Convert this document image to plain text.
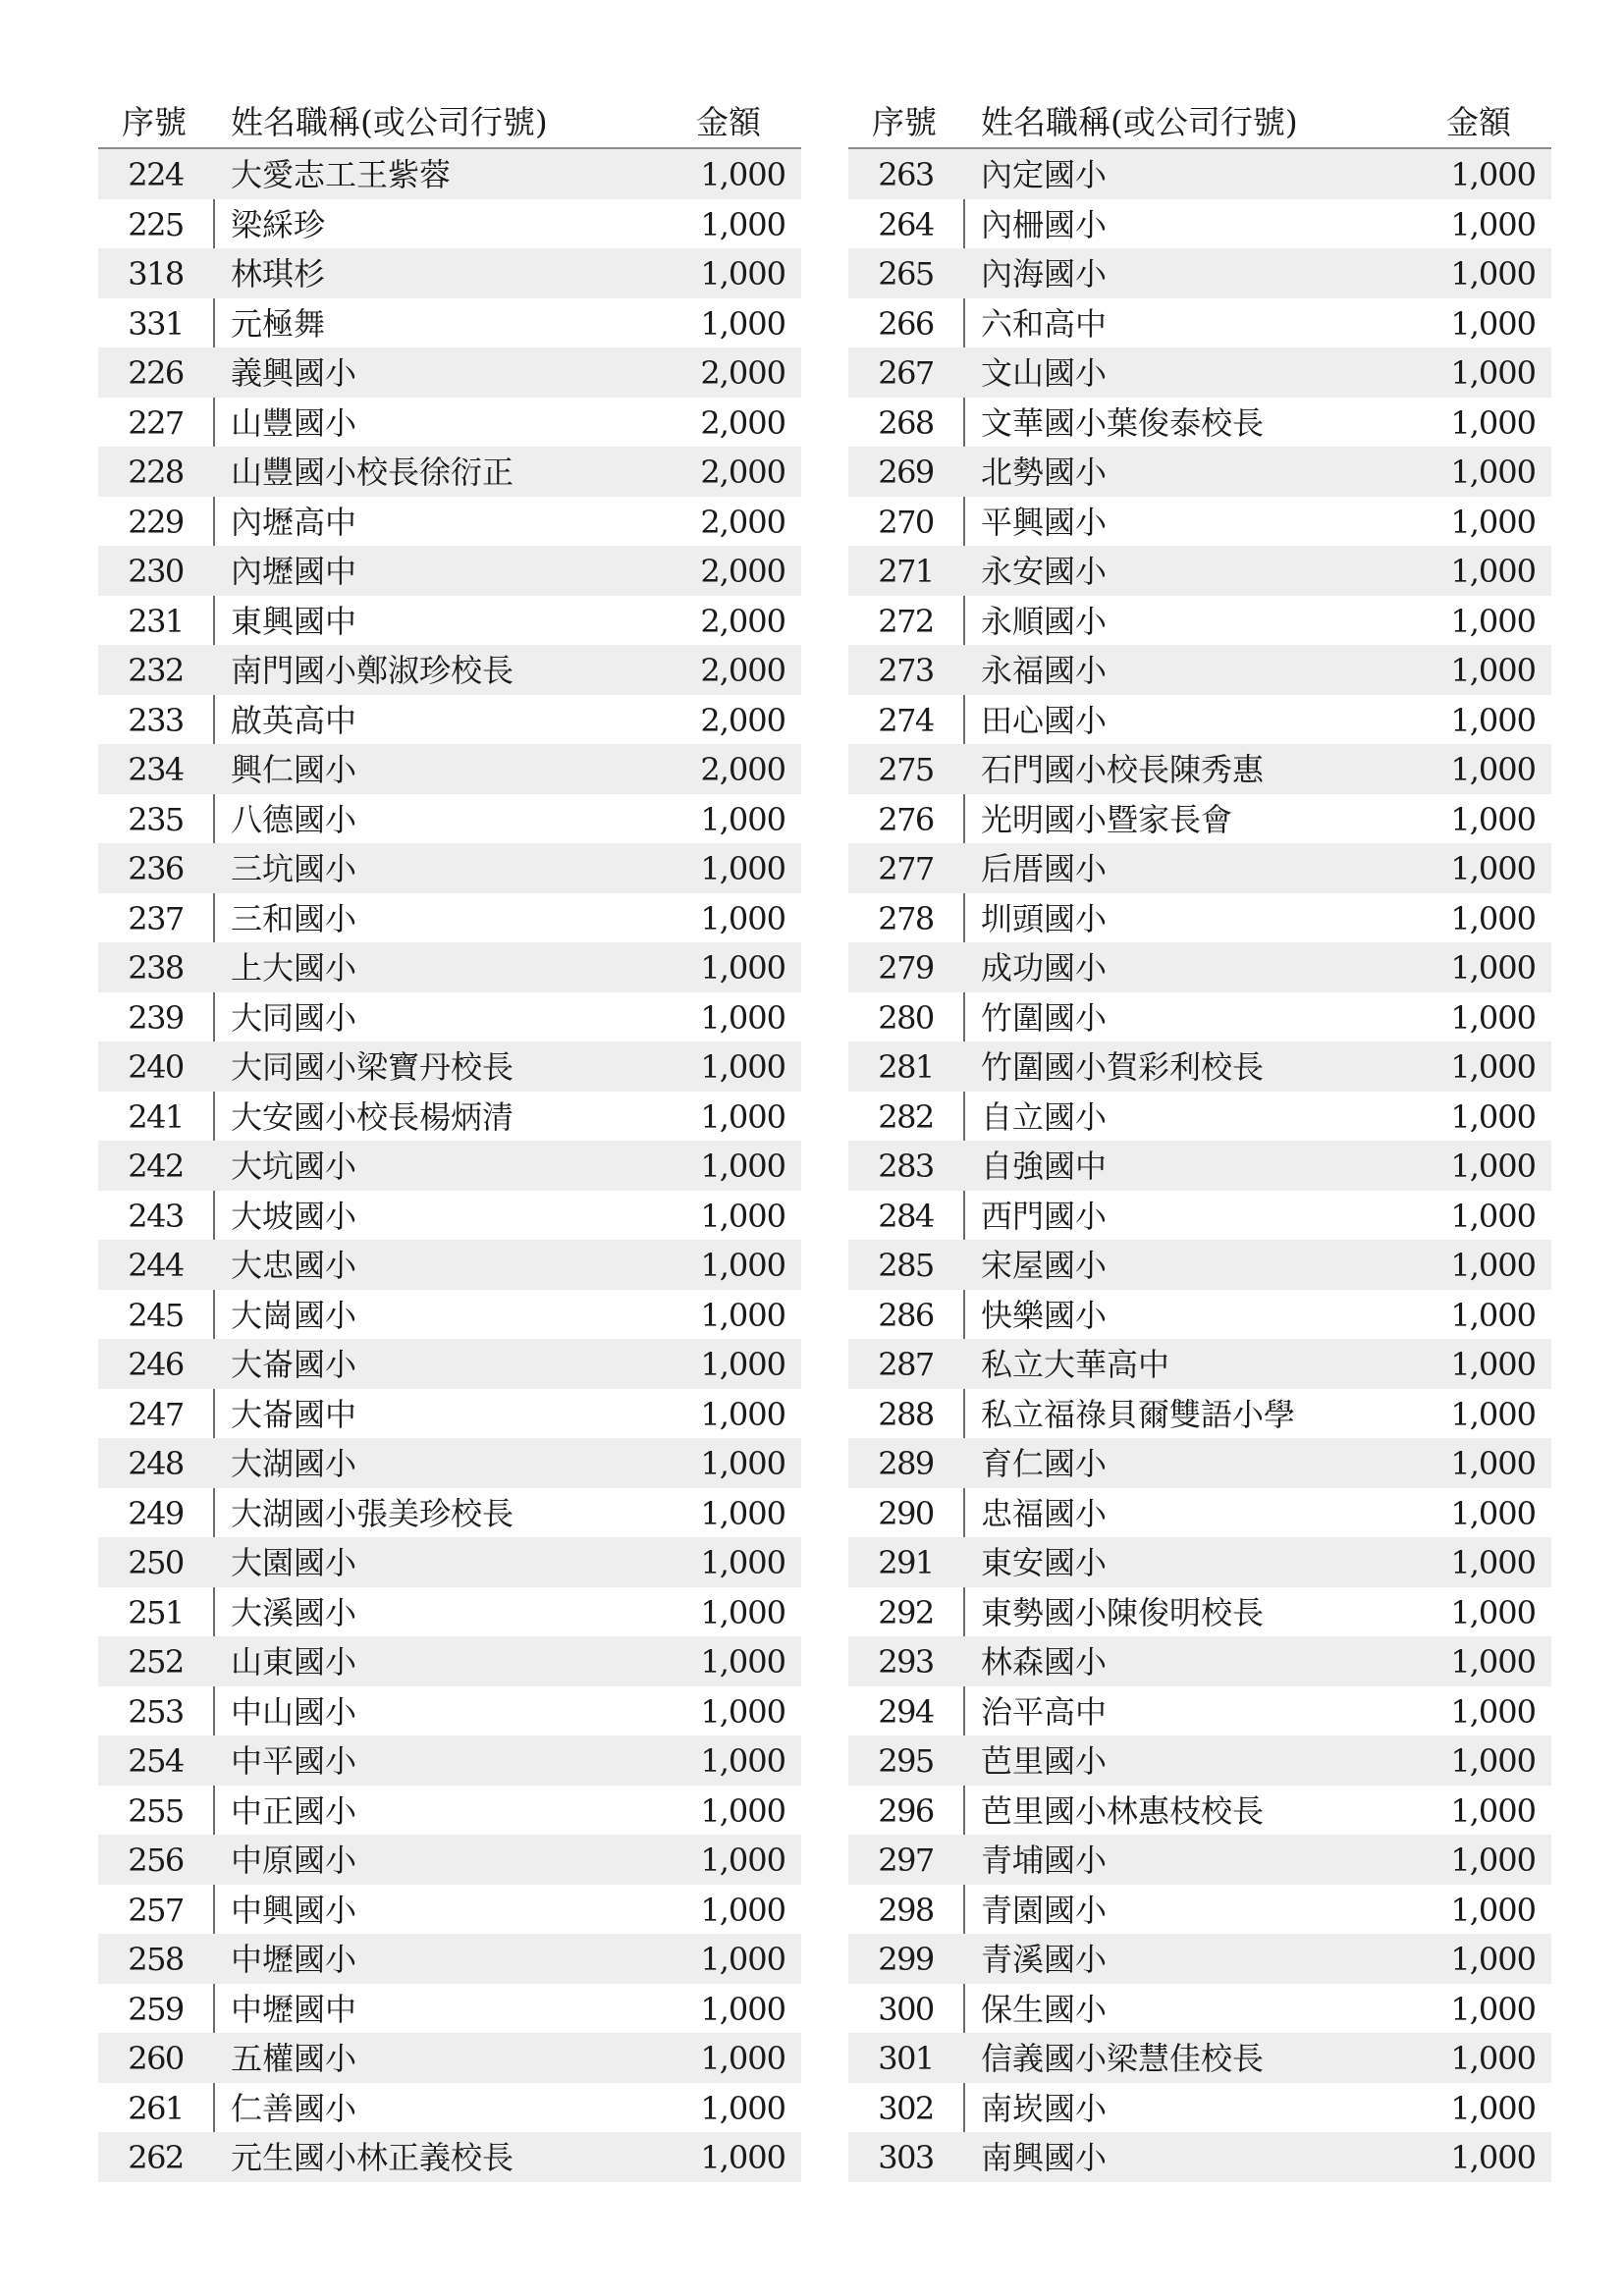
序號 姓名職稱(或公司行號)	金額
224	大愛志工王紫蓉	1,000
225	梁綵珍	1,000
318	林琪杉	1,000
331	元極舞	1,000
226	義興國小	2,000
227	山豐國小	2,000
228	山豐國小校長徐衍正	2,000
229	內壢高中	2,000
230	內壢國中	2,000
231	東興國中	2,000
232	南門國小鄭淑珍校長	2,000
233	啟英高中	2,000
234	興仁國小	2,000
235	八德國小	1,000
236	三坑國小	1,000
237	三和國小	1,000
238	上大國小	1,000
239	大同國小	1,000
240	大同國小梁寶丹校長	1,000
241	大安國小校長楊炳清	1,000
242	大坑國小	1,000
243	大坡國小	1,000
244	大忠國小	1,000
245	大崗國小	1,000
246	大崙國小	1,000
247	大崙國中	1,000
248	大湖國小	1,000
249	大湖國小張美珍校長	1,000
250	大園國小	1,000
251	大溪國小	1,000
252	山東國小	1,000
253	中山國小	1,000
254	中平國小	1,000
255	中正國小	1,000
256	中原國小	1,000
257	中興國小	1,000
258	中壢國小	1,000
259	中壢國中	1,000
260	五權國小	1,000
261	仁善國小	1,000
262	元生國小林正義校長	1,000
序號 姓名職稱(或公司行號)	金額
263	內定國小	1,000
264	內柵國小	1,000
265	內海國小	1,000
266	六和高中	1,000
267	文山國小	1,000
268	文華國小葉俊泰校長	1,000
269	北勢國小	1,000
270	平興國小	1,000
271	永安國小	1,000
272	永順國小	1,000
273	永福國小	1,000
274	田心國小	1,000
275	石門國小校長陳秀惠	1,000
276	光明國小暨家長會	1,000
277	后厝國小	1,000
278	圳頭國小	1,000
279	成功國小	1,000
280	竹圍國小	1,000
281	竹圍國小賀彩利校長	1,000
282	自立國小	1,000
283	自強國中	1,000
284	西門國小	1,000
285	宋屋國小	1,000
286	快樂國小	1,000
287	私立大華高中	1,000
288	私立福祿貝爾雙語小學	1,000
289	育仁國小	1,000
290	忠福國小	1,000
291	東安國小	1,000
292	東勢國小陳俊明校長	1,000
293	林森國小	1,000
294	治平高中	1,000
295	芭里國小	1,000
296	芭里國小林惠枝校長	1,000
297	青埔國小	1,000
298	青園國小	1,000
299	青溪國小	1,000
300	保生國小	1,000
301	信義國小梁慧佳校長	1,000
302	南崁國小	1,000
303	南興國小	1,000
